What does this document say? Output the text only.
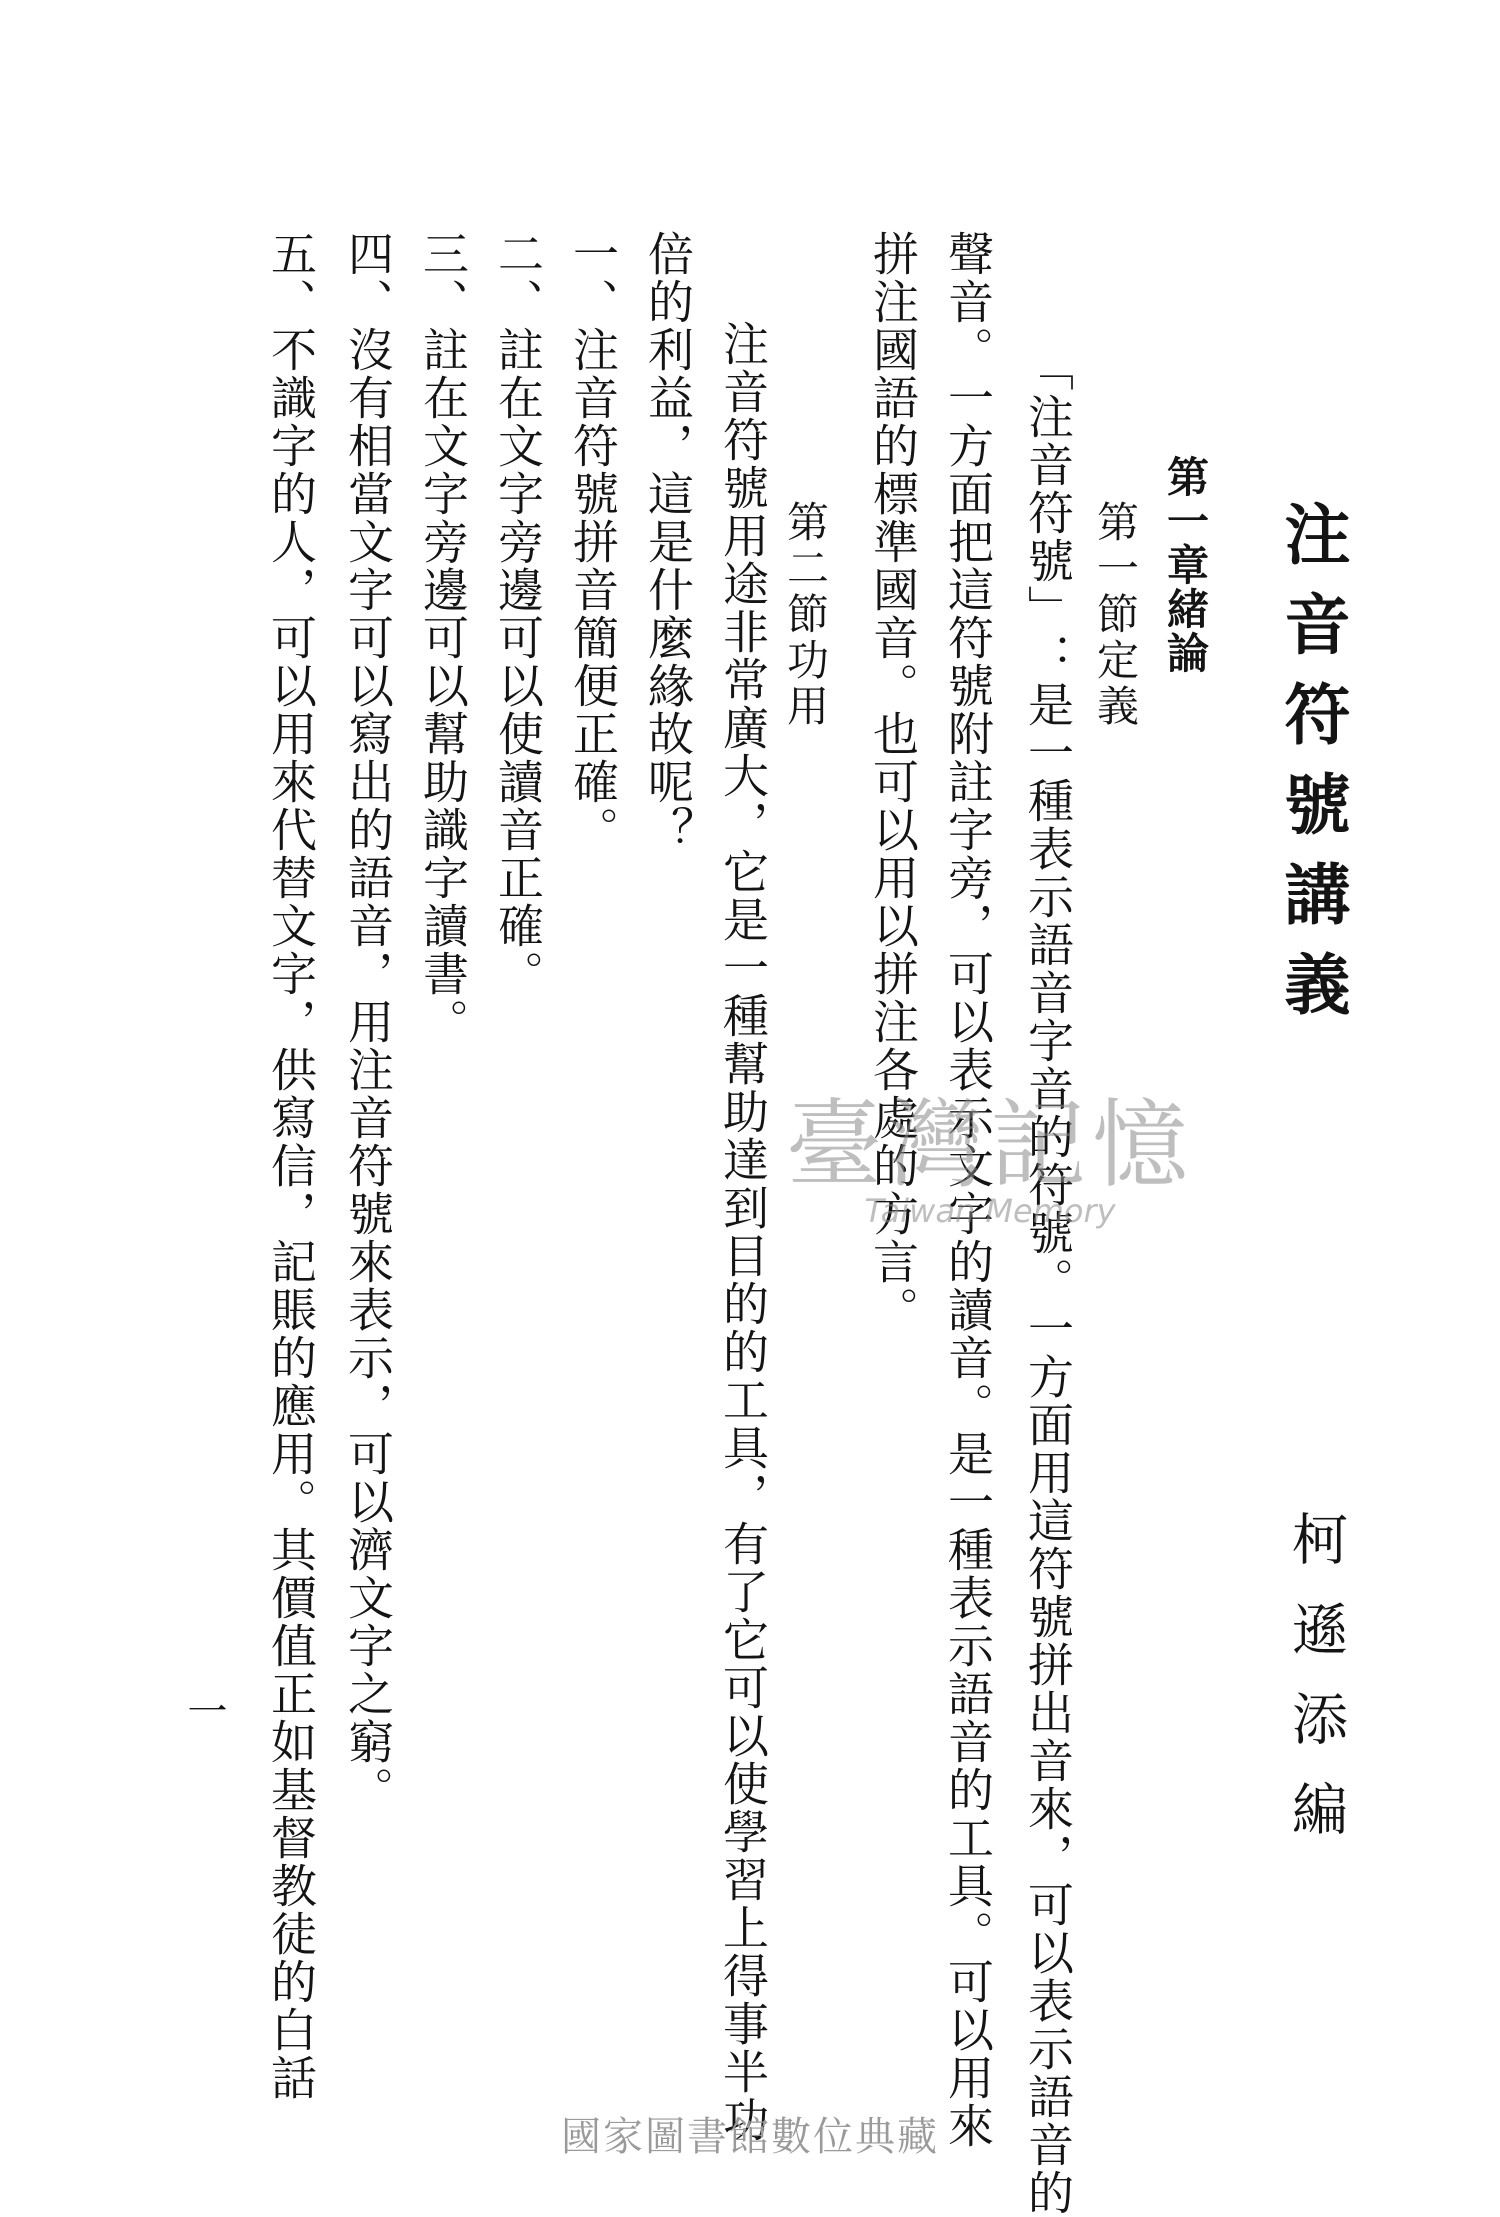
注音符號講義

柯遜添編

第一章緒論

第一節定義

「注音符號」：是一種表示語音字音的符號。一方面用這符號拼出音來，可以表示語音的

聲音。一方面把這符號附註字旁，可以表示文字的讀音。是一種表示語音的工具。可以用來

拼注國語的標準國音。也可以用以拼注各處的方言。

第二節功用

注音符號用途非常廣大，它是一種幫助達到目的的工具，有了它可以使學習上得事半功

倍的利益，這是什麼緣故呢？

一、注音符號拼音簡便正確。

二、註在文字旁邊可以使讀音正確。

三、註在文字旁邊可以幫助識字讀書。

四、沒有相當文字可以寫出的語音，用注音符號來表示，可以濟文字之窮。

五、不識字的人，可以用來代替文字，供寫信，記賬的應用。其價值正如基督教徒的白話

一

臺灣記憶
Taiwan Memory
國家圖書館數位典藏
